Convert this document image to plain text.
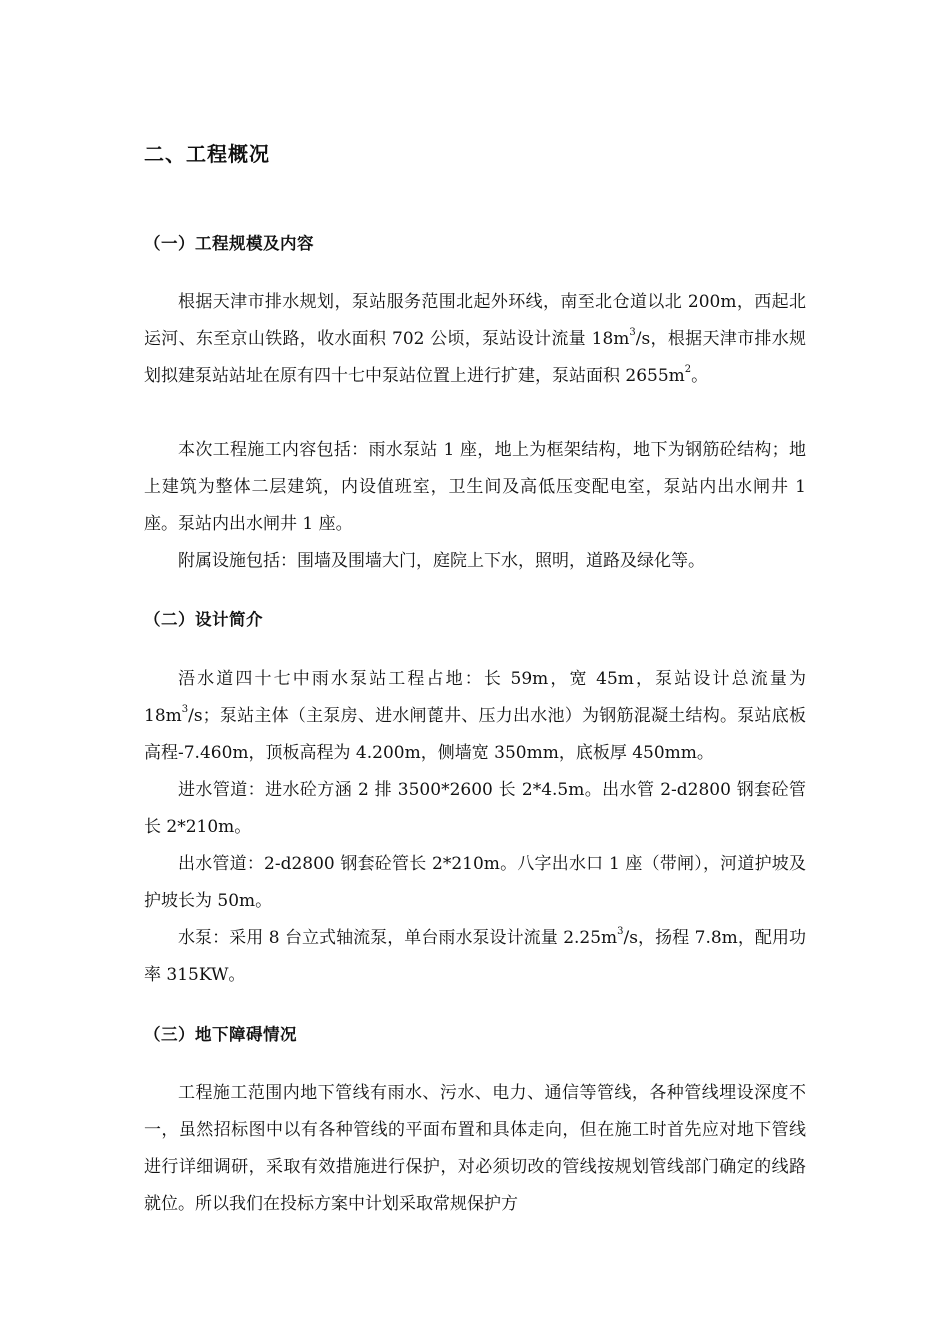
二、工程概况
（一）工程规模及内容

根据天津市排水规划，泵站服务范围北起外环线，南至北仓道以北 200m，西起北运河、东至京山铁路，收水面积 702 公顷，泵站设计流量 $18m^3/s$，根据天津市排水规划拟建泵站站址在原有四十七中泵站位置上进行扩建，泵站面积 $2655m^2$。

本次工程施工内容包括：雨水泵站 1 座，地上为框架结构，地下为钢筋砼结构；地上建筑为整体二层建筑，内设值班室，卫生间及高低压变配电室，泵站内出水闸井 1 座。泵站内出水闸井 1 座。

附属设施包括：围墙及围墙大门，庭院上下水，照明，道路及绿化等。

（二）设计简介

浯水道四十七中雨水泵站工程占地：长 59m，宽 45m，泵站设计总流量为 $18m^3/s$；泵站主体（主泵房、进水闸蓖井、压力出水池）为钢筋混凝土结构。泵站底板高程-7.460m，顶板高程为 4.200m，侧墙宽 350mm，底板厚 450mm。

进水管道：进水砼方涵 2 排 3500*2600 长 2*4.5m。出水管 2-d2800 钢套砼管长 2*210m。

出水管道：2-d2800 钢套砼管长 2*210m。八字出水口 1 座（带闸），河道护坡及护坡长为 50m。

水泵：采用 8 台立式轴流泵，单台雨水泵设计流量 $2.25m^3/s$，扬程 7.8m，配用功率 315KW。

（三）地下障碍情况

工程施工范围内地下管线有雨水、污水、电力、通信等管线，各种管线埋设深度不一，虽然招标图中以有各种管线的平面布置和具体走向，但在施工时首先应对地下管线进行详细调研，采取有效措施进行保护，对必须切改的管线按规划管线部门确定的线路就位。所以我们在投标方案中计划采取常规保护方
